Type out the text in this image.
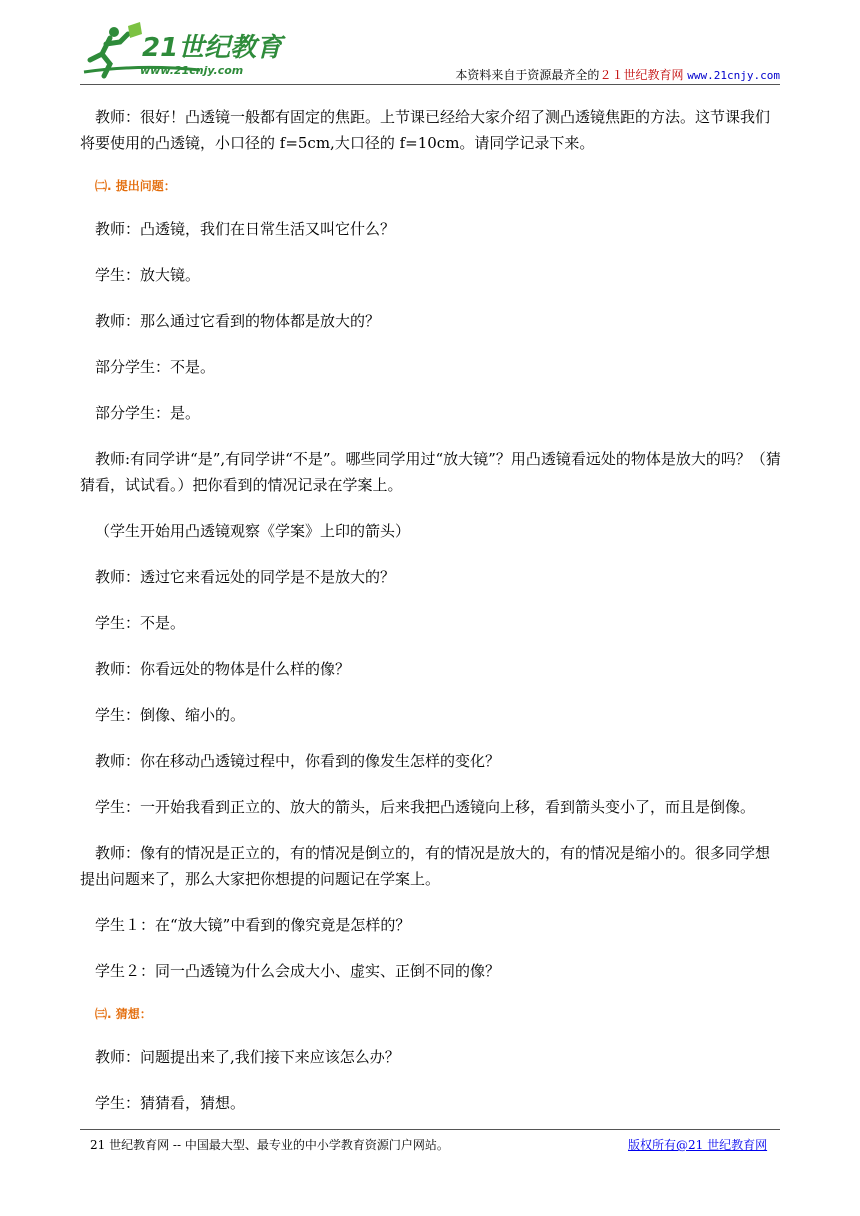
21世纪教育
www.21cnjy.com	本资料来自于资源最齐全的２１世纪教育网 www.21cnjy.com

教师：很好！凸透镜一般都有固定的焦距。上节课已经给大家介绍了测凸透镜焦距的方法。这节课我们将要使用的凸透镜，小口径的 f=5cm,大口径的 f=10cm。请同学记录下来。

㈡. 提出问题：

教师：凸透镜，我们在日常生活又叫它什么？

学生：放大镜。

教师：那么通过它看到的物体都是放大的？

部分学生：不是。

部分学生：是。

教师:有同学讲“是”,有同学讲“不是”。哪些同学用过“放大镜”？用凸透镜看远处的物体是放大的吗？（猜猜看，试试看。）把你看到的情况记录在学案上。

（学生开始用凸透镜观察《学案》上印的箭头）

教师：透过它来看远处的同学是不是放大的？

学生：不是。

教师：你看远处的物体是什么样的像？

学生：倒像、缩小的。

教师：你在移动凸透镜过程中，你看到的像发生怎样的变化？

学生：一开始我看到正立的、放大的箭头，后来我把凸透镜向上移，看到箭头变小了，而且是倒像。

教师：像有的情况是正立的，有的情况是倒立的，有的情况是放大的，有的情况是缩小的。很多同学想提出问题来了，那么大家把你想提的问题记在学案上。

学生１：在“放大镜”中看到的像究竟是怎样的？

学生２：同一凸透镜为什么会成大小、虚实、正倒不同的像？

㈢. 猜想：

教师：问题提出来了,我们接下来应该怎么办？

学生：猜猜看，猜想。

21 世纪教育网 -- 中国最大型、最专业的中小学教育资源门户网站。	版权所有@21 世纪教育网
